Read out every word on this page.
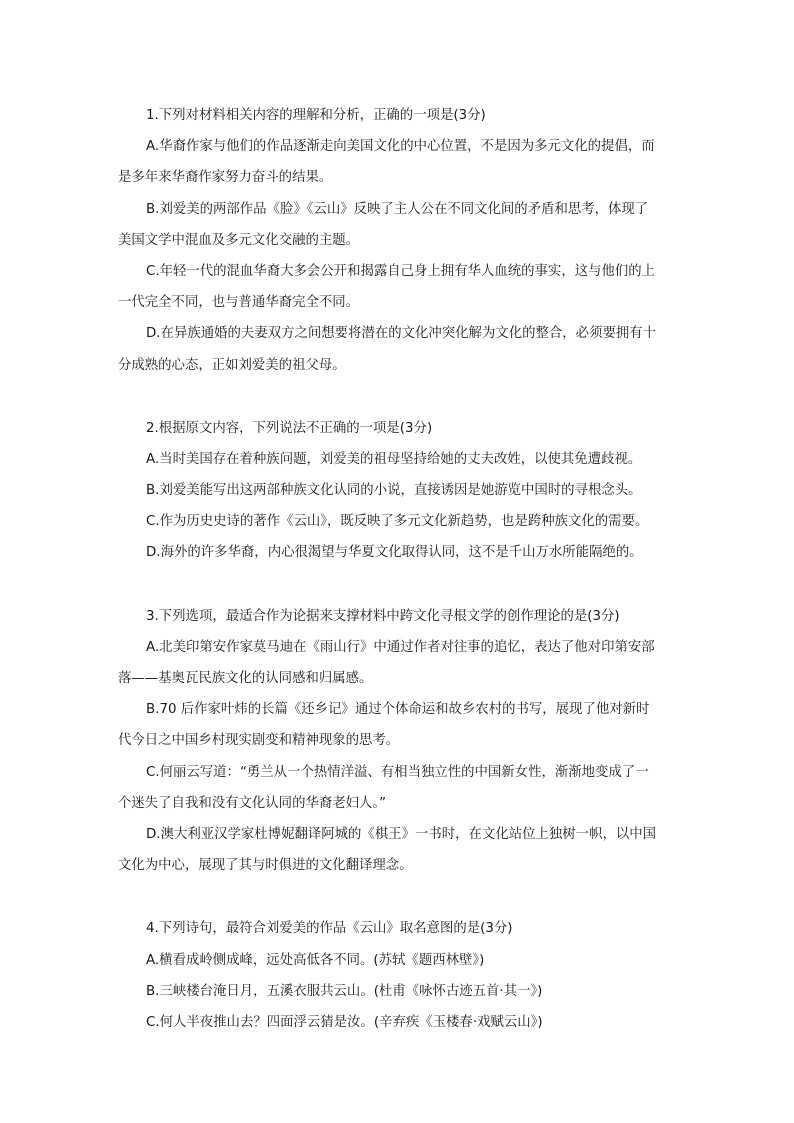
1.下列对材料相关内容的理解和分析，正确的一项是(3分)
A.华裔作家与他们的作品逐渐走向美国文化的中心位置，不是因为多元文化的提倡，而
是多年来华裔作家努力奋斗的结果。
B.刘爱美的两部作品《脸》《云山》反映了主人公在不同文化间的矛盾和思考，体现了
美国文学中混血及多元文化交融的主题。
C.年轻一代的混血华裔大多会公开和揭露自己身上拥有华人血统的事实，这与他们的上
一代完全不同，也与普通华裔完全不同。
D.在异族通婚的夫妻双方之间想要将潜在的文化冲突化解为文化的整合，必须要拥有十
分成熟的心态，正如刘爱美的祖父母。
2.根据原文内容，下列说法不正确的一项是(3分)
A.当时美国存在着种族问题，刘爱美的祖母坚持给她的丈夫改姓，以使其免遭歧视。
B.刘爱美能写出这两部种族文化认同的小说，直接诱因是她游览中国时的寻根念头。
C.作为历史史诗的著作《云山》，既反映了多元文化新趋势，也是跨种族文化的需要。
D.海外的许多华裔，内心很渴望与华夏文化取得认同，这不是千山万水所能隔绝的。
3.下列选项，最适合作为论据来支撑材料中跨文化寻根文学的创作理论的是(3分)
A.北美印第安作家莫马迪在《雨山行》中通过作者对往事的追忆，表达了他对印第安部
落——基奥瓦民族文化的认同感和归属感。
B.70 后作家叶炜的长篇《还乡记》通过个体命运和故乡农村的书写，展现了他对新时
代今日之中国乡村现实剧变和精神现象的思考。
C.何丽云写道：“勇兰从一个热情洋溢、有相当独立性的中国新女性，渐渐地变成了一
个迷失了自我和没有文化认同的华裔老妇人。”
D.澳大利亚汉学家杜博妮翻译阿城的《棋王》一书时，在文化站位上独树一帜，以中国
文化为中心，展现了其与时俱进的文化翻译理念。
4.下列诗句，最符合刘爱美的作品《云山》取名意图的是(3分)
A.横看成岭侧成峰，远处高低各不同。(苏轼《题西林壁》)
B.三峡楼台淹日月，五溪衣服共云山。(杜甫《咏怀古迹五首·其一》)
C.何人半夜推山去？四面浮云猜是汝。(辛弃疾《玉楼春·戏赋云山》)
